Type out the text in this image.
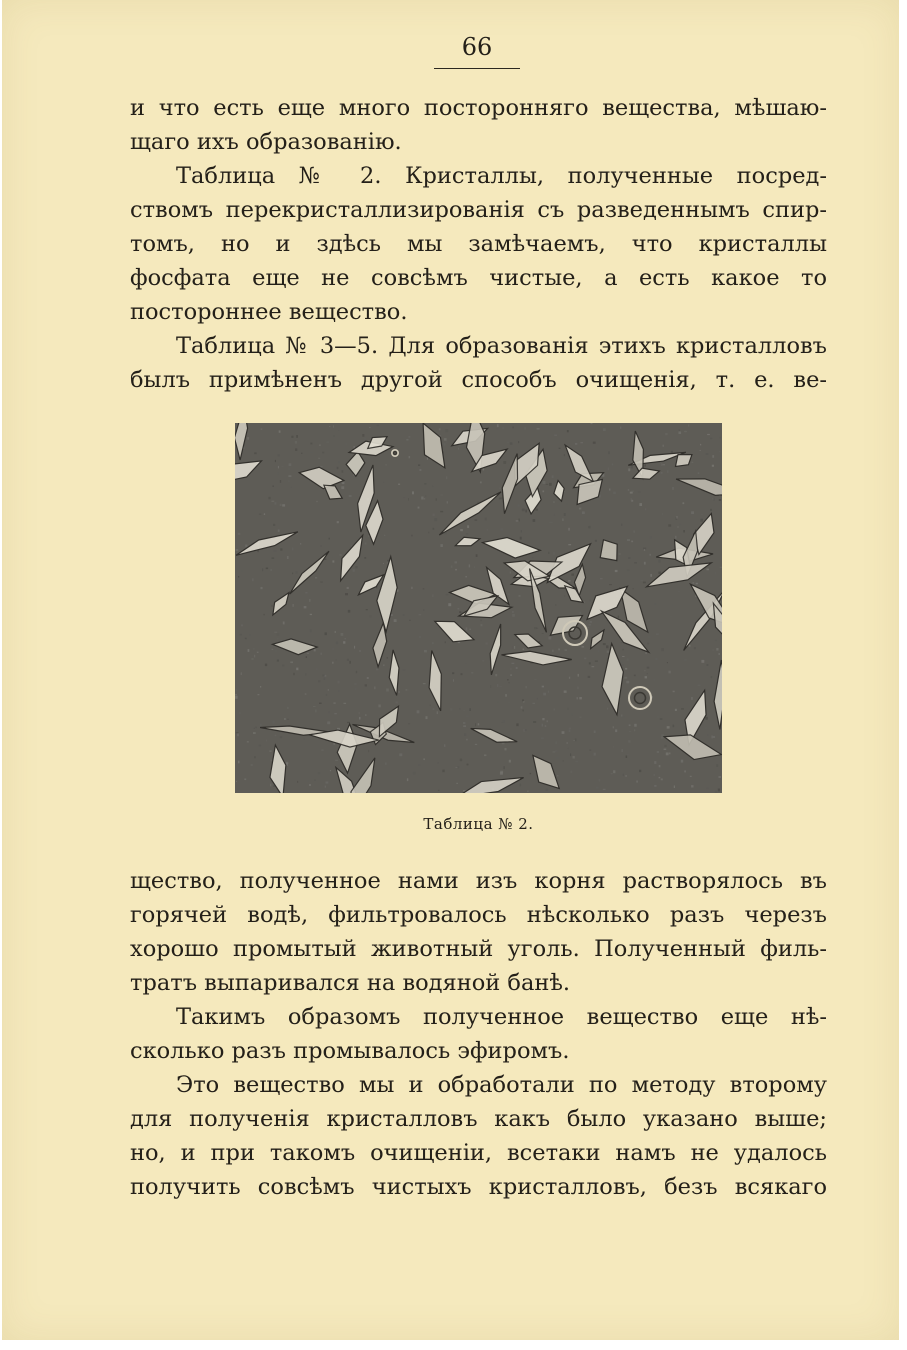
66
и что есть еще много посторонняго вещества, мѣшаю-
щаго ихъ образованію.
Таблица № 2. Кристаллы, полученные посред-
ствомъ перекристаллизированія съ разведеннымъ спир-
томъ, но и здѣсь мы замѣчаемъ, что кристаллы
фосфата еще не совсѣмъ чистые, а есть какое то
постороннее вещество.
Таблица № 3—5. Для образованія этихъ кристалловъ
былъ примѣненъ другой способъ очищенія, т. е. ве-
Таблица № 2.
щество, полученное нами изъ корня растворялось въ
горячей водѣ, фильтровалось нѣсколько разъ черезъ
хорошо промытый животный уголь. Полученный филь-
тратъ выпаривался на водяной банѣ.
Такимъ образомъ полученное вещество еще нѣ-
сколько разъ промывалось эфиромъ.
Это вещество мы и обработали по методу второму
для полученія кристалловъ какъ было указано выше;
но, и при такомъ очищеніи, всетаки намъ не удалось
получить совсѣмъ чистыхъ кристалловъ, безъ всякаго
